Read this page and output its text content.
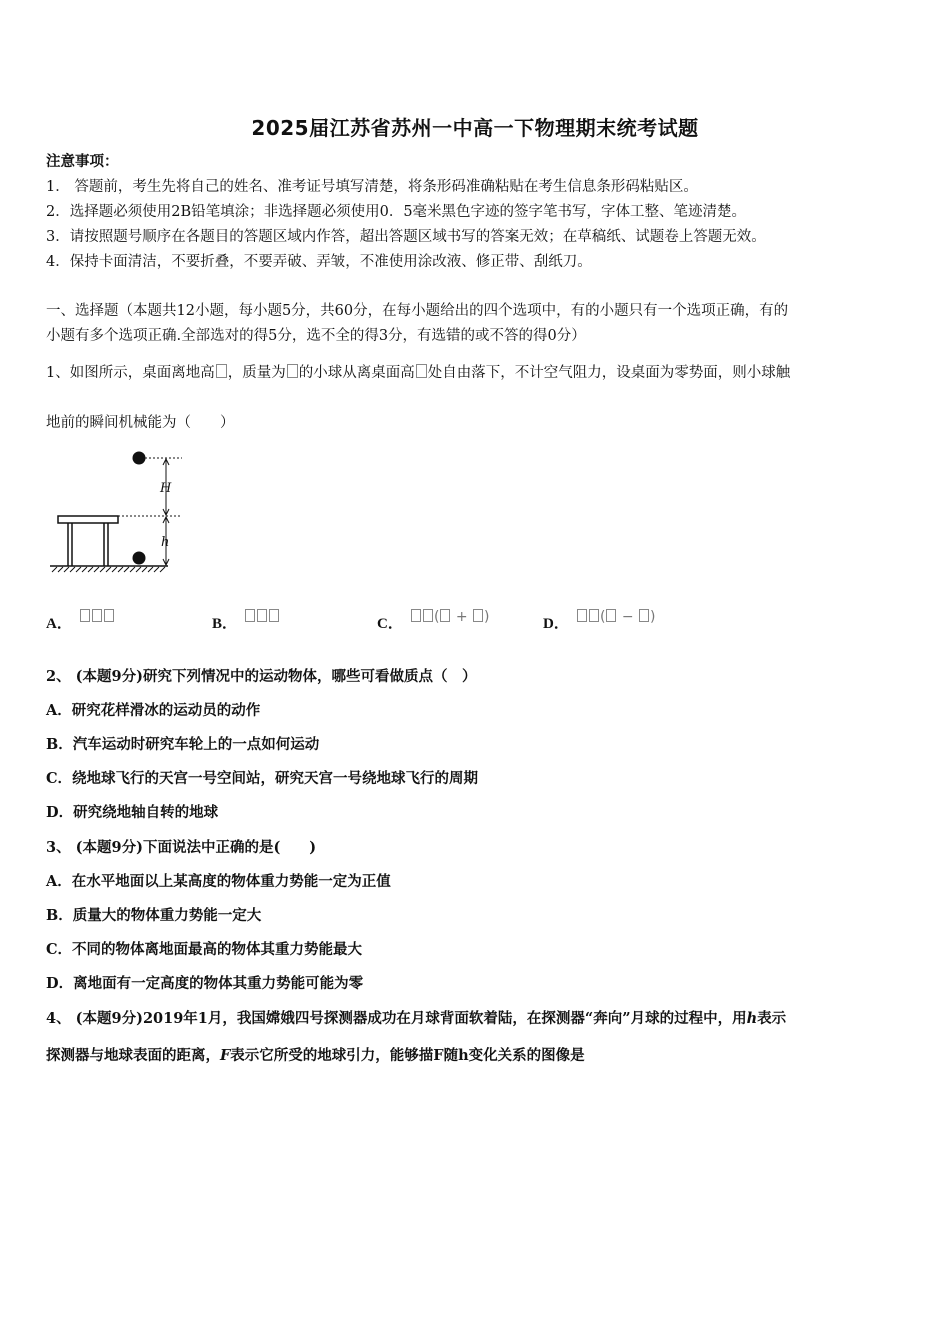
2025届江苏省苏州一中高一下物理期末统考试题
注意事项：
1． 答题前，考生先将自己的姓名、准考证号填写清楚，将条形码准确粘贴在考生信息条形码粘贴区。
2．选择题必须使用2B铅笔填涂；非选择题必须使用0．5毫米黑色字迹的签字笔书写，字体工整、笔迹清楚。
3．请按照题号顺序在各题目的答题区域内作答，超出答题区域书写的答案无效；在草稿纸、试题卷上答题无效。
4．保持卡面清洁，不要折叠，不要弄破、弄皱，不准使用涂改液、修正带、刮纸刀。
一、选择题（本题共12小题，每小题5分，共60分，在每小题给出的四个选项中，有的小题只有一个选项正确，有的
小题有多个选项正确.全部选对的得5分，选不全的得3分，有选错的或不答的得0分）
1、如图所示，桌面离地高 ，质量为 的小球从离桌面高 处自由落下，不计空气阻力，设桌面为零势面，则小球触
地前的瞬间机械能为（　　）
H
h
A．	B．	C． ( + )	D． ( − )
2、 (本题9分)研究下列情况中的运动物体，哪些可看做质点（　）
A．研究花样滑冰的运动员的动作
B．汽车运动时研究车轮上的一点如何运动
C．绕地球飞行的天宫一号空间站，研究天宫一号绕地球飞行的周期
D．研究绕地轴自转的地球
3、 (本题9分)下面说法中正确的是(　　)
A．在水平地面以上某高度的物体重力势能一定为正值
B．质量大的物体重力势能一定大
C．不同的物体离地面最高的物体其重力势能最大
D．离地面有一定高度的物体其重力势能可能为零
4、 (本题9分)2019年1月，我国嫦娥四号探测器成功在月球背面软着陆，在探测器“奔向”月球的过程中，用h表示
探测器与地球表面的距离，F表示它所受的地球引力，能够描F随h变化关系的图像是
